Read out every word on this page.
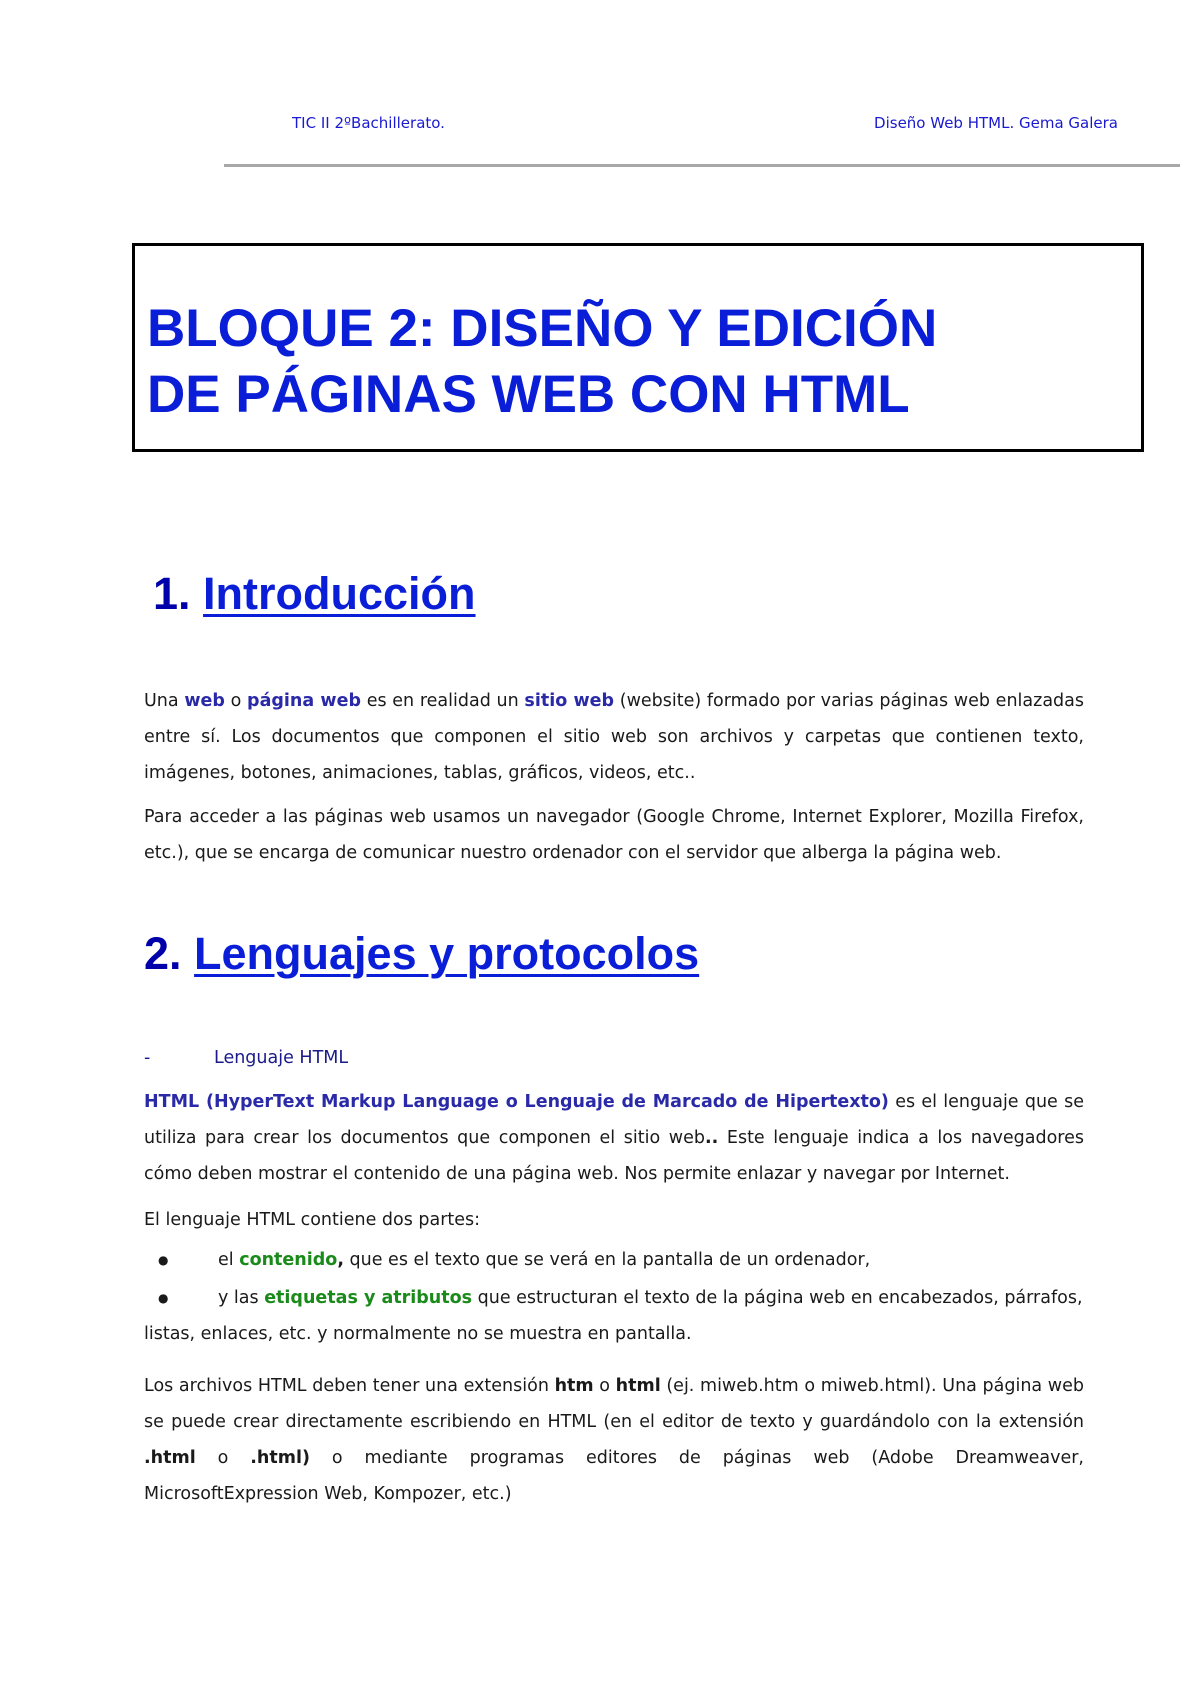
TIC II 2ºBachillerato.	Diseño Web HTML. Gema Galera
BLOQUE 2: DISEÑO Y EDICIÓN
DE PÁGINAS WEB CON HTML
1. Introducción

Una web o página web es en realidad un sitio web (website) formado por varias páginas web enlazadas entre sí. Los documentos que componen el sitio web son archivos y carpetas que contienen texto, imágenes, botones, animaciones, tablas, gráficos, videos, etc..

Para acceder a las páginas web usamos un navegador (Google Chrome, Internet Explorer, Mozilla Firefox, etc.), que se encarga de comunicar nuestro ordenador con el servidor que alberga la página web.

2. Lenguajes y protocolos
-	Lenguaje HTML

HTML (HyperText Markup Language o Lenguaje de Marcado de Hipertexto) es el lenguaje que se utiliza para crear los documentos que componen el sitio web.. Este lenguaje indica a los navegadores cómo deben mostrar el contenido de una página web. Nos permite enlazar y navegar por Internet.

El lenguaje HTML contiene dos partes:

●	el contenido, que es el texto que se verá en la pantalla de un ordenador,
●	y las etiquetas y atributos que estructuran el texto de la página web en encabezados, párrafos, listas, enlaces, etc. y normalmente no se muestra en pantalla.

Los archivos HTML deben tener una extensión htm o html (ej. miweb.htm o miweb.html). Una página web se puede crear directamente escribiendo en HTML (en el editor de texto y guardándolo con la extensión .html o .html) o mediante programas editores de páginas web (Adobe Dreamweaver, MicrosoftExpression Web, Kompozer, etc.)
